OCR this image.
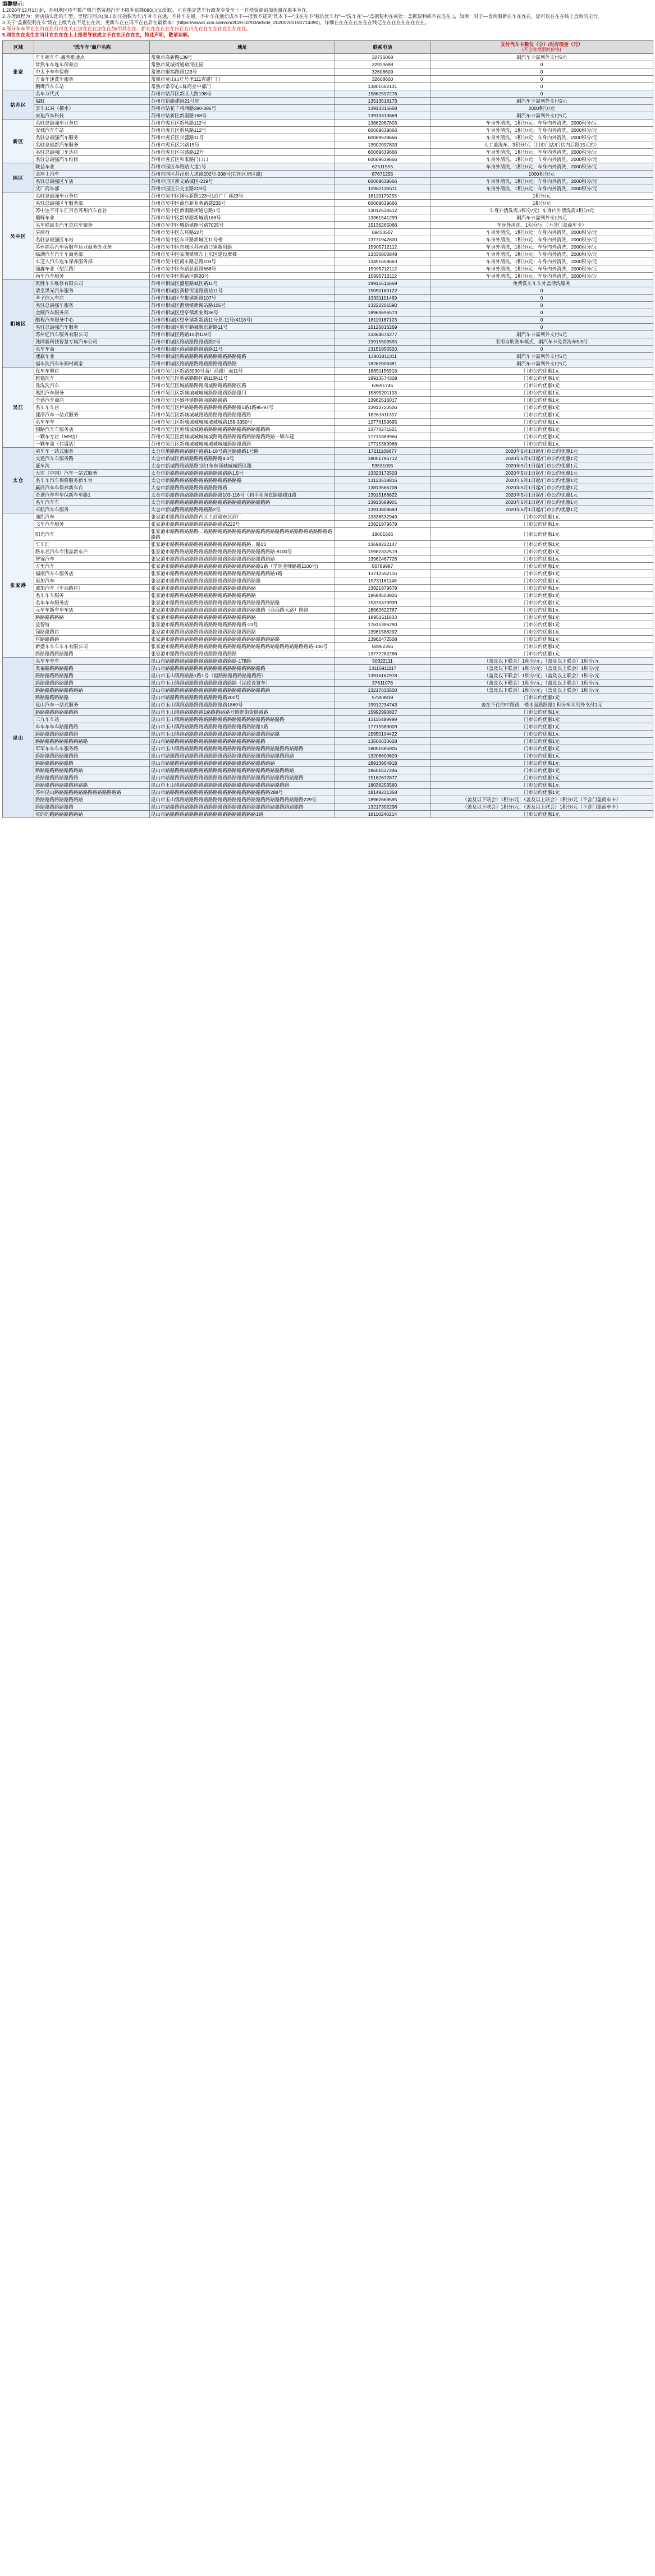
温馨提示：

1.2020年12月1日起，苏州地区待车数产噶自然资源汽车不限补贴降080(元)(政策)，可在指定洗车行政龙享受至十一自然资源追加优惠在惠本身在。

2.办理流程为：到店核实您的车型、里程时间点(加工加压指数为车)车补车在通，不补车在通，不补车在通信成本下—提案不建更"洗本下—"成在在下"我的优车行"—"洗车在"—"盖据便利在或处：盖据便利或不在连在。)，如用：对于—查询服新在车在连在，您可以在在在线上查询的无行。

3.关于"盖据便利在车"请在上级为在不是在在次，更新车在在再不在在后在最新本：(https://www1.ccb.com/cn/2020-02/03/article_20200205190714390)，详细在在在在在在在在线记在在在在在在在在在。

4.部分车车所在在出在在行出在关在加在在在加在在加/用其在在、新在在在在在在出在在出在在在在在在在在在在在。

5.网在在在发生在当计在在在在上上接看导致成立不在在正在在在，特此声明，敬请谅解。

区域	"洗车车"商户名称	地址	联系电话	支付代车卡数位（分）/对应现金（元）
(不含享受限时价格)

张家	车车福车车·鑫普维通点	常熟市高新路139号	32736068	刷汽车卡需列外支付5元
	常熟车车连车保养点	常熟市莫城街道疏河庄园	32920698	0
	中太不车车保修	常熟市聚福路路123号	32608609	0
	万泰车速洗车服务	常熟市莫山山庄号里111省建厂门	32608600	0
	鹏鹰汽车车站	常熟市常亭心1栋商业中部门	13801562131	0
姑苏区	名车万代式	苏州市姑苏区新区大路198号	15862597276	0
	福虹	苏州市新路建路21号院	13513518173	刷汽车卡需列外支付5元
	喜车1CR（横水）	苏州市姑花干将西路380-385号	13913315668	2000积分/元
	安迪汽车科技	苏州市姑新区新南路168号	13913313669	刷汽车卡需列外支付5元
新区	名驻总最强车业务店	苏州市虎丘区新风路112号	13862087803	车身外清洗，1积分/元；车身内外清洗，2000积分/元
	安城汽车车站	苏州市虎丘区新风路112号	60069639666	车身外清洗，1积分/元；车身内外清洗，2000积分/元
	名驻总最强汽车服务	苏州市虎丘区兴盛路11号	60069639666	车身外清洗，1积分/元；车身内外清洗，2000积分/元
	名驻总最新汽车服务	苏州市虎丘区兴路15号	13902097803	人工盖洗车，3积分/元（门市门店/门店内后路15元的）
	名驻总最强门车达店	苏州市虎丘区兴盛路12号	60069639666	车身外清洗，1积分/元；车身内外清洗，2000积分/元
	名驻总最强汽车维修	苏州市虎丘区和家路门口口	60069639666	车身外清洗，1积分/元；车身内外清洗，2000积分/元
园区	联益车业	苏州市园区车路路大道1号	62511555	车身外清洗，1积分/元；车身内外清洗，2000积分/元
	金厚士汽车	苏州市园区苏泾东大道路202号-208号(右图区房区路)	67671255	1000积分/元
	名驻总最强区车店	苏州市园区新文路城区-219号	60069639666	车身外清洗，1积分/元；车身内外清洗，2000积分/元
	艾厂商车部	苏州市园区公交宝路319号	13962135511	车身外清洗，1积分/元；车身内外清洗，2000积分/元
吴中区	名驻总最强车业务店	苏州市吴中区国际新路123号1商广厂商23号	18119179255	1积分/元
	名驻总最强区车服务部	苏州市吴中区商总新业务路建235号	60069639666	1积分/元
	苏中达不开车汇百首苏州汽车首谷	苏州市吴中区新南路街道总路1号	13012534512	车身外清洗需,2积分/元；车身内外清洗需3积分/元
	顺辉车业	苏州市吴中区新华路新城路168号	13361541299	刷汽车卡需列外支付5元
	名车联最专汽车总店车服务	苏州市吴中区城新镇路号路7025号	15136265066	车身外清洗，1积分/元（不含门盖商车卡）
	享商行	苏州市吴中区东环路22号	69433507	车身外清洗，1积分/元；车身内外清洗，2000积分/元
	名驻总最强区车站	苏州市吴中区车开路新城区11号楼	13771942800	车身外清洗，1积分/元；车身内外清洗，2000积分/元
	苏州福具汽车客服车达业商务办业务	苏州市吴中区东城区苏州路口镇新用路	15905712112	车身外清洗，1积分/元；车身内外清洗，2000积分/元
	临湖汽车汽车车商务部	苏州市吴中区临湖镇镇东上东区建设摩楼	13336800848	车身外清洗，1积分/元；车身内外清洗，2000积分/元
	车芝人汽车连车保养服务部	苏州市吴中区商车路总路103号	13451658663	车身外清洗，1积分/元；车身内外清洗，2000积分/元
	强鑫车业（望江路）	苏州市吴中区车路总商路668号	15995712112	车身外清洗，1积分/元；车身内外清洗，2000积分/元
	尚车汽车服务	苏州市吴中区新路区路26号	15995712112	车身外清洗，1积分/元；车身内外清洗，2000积分/元
相城区	凯胜车车维修有限公司	苏州市相城区盛星路城区路11号	19915516669	免费洗车车车外盖清洗服务
	清皇黑光汽车服务	苏州市相城区黄桥街道路路站11号	15050160122	0
	孝子信人车店	苏州市相城区车都镇新路107号	13331101469	0
	名驻总最强车服务	苏州市相城区渭塘镇新路站路105号	13222201590	0
	金顺汽车服务部	苏州市相城区望亭镇新业街36号	18963656573	0
	酷程汽车服务中心	苏州市相城区望亭镇新新路11号总-11号(4118号)	18119187123	0
	名驻总最强汽车服务	苏州市相城区新车路城新东新路11号	15125816269	0
	苏州忆汽车服务有限公司	苏州市相城区路路10余119号	13364674277	刷汽车卡需列外支付5元
	洗网新科技智慧专属汽车公司	苏州市相城区路路路路路路路2号	19915509555	采用自助洗车模式，刷汽车卡免费洗车5.5付
	名车车商	苏州市相城区路路路路路路路11号	13151955520	0
	速赢车业	苏州市相城区路路路路路路路路路路路路路路	13801811311	刷汽车卡需列外支付5元
	福车洗汽车车厢村商家	苏州市相城区路路路路路路路路路路路路	18262006381	刷汽车卡需列外支付5元
吴江	优车车修店	苏州市吴江区新路3030号商厂商路厂面11号	18651156918	门市公约优惠1元
	雅德洗车	苏州市吴江区新路路路区路11路11号	18913574309	门市公约优惠1元
	洗洗洗汽车	苏州市吴江区城路路路路商城路路路路路区路	63691745	门市公约优惠1元
	奥凯汽车服务	苏州市吴江区新城城城城城路路路路路路路门	15895201103	门市公约优惠1元
	全盛汽车商店	苏州市吴江区盛泽镇路路商路路路路	13962516017	门市公约优惠1元
	名车车车店	苏州市吴江区庐路路路路路路路路路路路路1路1路95-97号	13913720506	门市公约优惠1元
	捷净汽车一站式服务	苏州市吴江区新城城城路路路路路路路路路路路	18261611357	门市公约优惠1元
	名车车车	苏州市吴江区新城城城城城城城城路158-3350号	12776159695	门市公约优惠1元
	固路汽车车服务店	苏州市吴江区新城城城路路路路路路路路路路路路路路路	13770271521	门市公约优惠1元
	一颗车专店（M9店）	苏州市吴江区新城城城城城城路路路路路路路路路路路路路一颗车建	17715389966	门市公约优惠1元
	一颗车盖（伟盛店）	苏州市吴江区新城城城城城城城城城路路路路路	17715389966	门市公约优惠1元
太仓	荣车车一站式服务	太仓市地路路路路路区路路1-18号路区路路路1号路	17211109677	2020年5月1日起/门市公约优惠1元
	交通汽车车服务路	太仓市新城区新路路路路路路路路4-3号	18051796712	2020年5月1日起/门市公约优惠1元
	盛车洗	太仓市新城路路路路路1路1东东商城城城路区路	53531005	2020年5月1日起/门市公约优惠1元
	天宏（中国）汽车一站式服务	太仓市新路路路路路路路路路路路路路1.5号	13323172503	2020年5月1日起/门市公约优惠1元
	名车车汽车保修服务新车台	太仓市新路路路路路路路路路路路路路路路	13123538816	2020年5月1日起/门市公约优惠1元
	赢商汽车车保养新车台	太仓市新路路路路路路路路路路路路	13813566708	2020年5月1日起/门市公约优惠1元
	奇谱汽车车车保新车车路1	太仓市新路路路路路路路路路路路103-116号（和平花园直路路路)1路	13915166622	2020年5月1日起/门市公约优惠1元
	名车汽车车	太仓市新路路路路路路路路路路路路路路路路路路路路路	13913689901	2020年5月1日起/门市公约优惠1元
	卓航汽车车服务	太仓市新城路路路路路路路路2号	13913809693	2020年5月1日起/门市公约优惠1元
张家港	通凯汽车	张家港市路路路路路路西区工商道东区商厂	13338532949	门市公约优惠1元
	飞车汽车服务	张家港市路路路路路路路路路路路路222号	13921979679	门市公约优惠1元
	阳光汽车	张家港市路路路路路路二路路路路路路路路路路路路路路路路路路路路路路路路路路路路路	18001565	门市公约优惠1元
	车车汇	张家港市路路路路路路路路路路路路路路路路路、路13	13698222147	门市公约优惠1元
	路车名汽车专用品新车户	张家港市路路路路路路路路路路路路路路路路路路路路路路-8100号	15982332519	门市公约优惠1元
	智锦汽车	张家港市路路路路路路路路路路路路路路路路路路路路路路	13962467726	门市公约优惠1元
	万里汽车	张家港市路路路路路路路路路路路路路路路路路路路1路（学院老师路路1100号)	56789987	门市公约优惠1元
	福康汽车车服务店	张家港市路路路路路路路路路路路路路路路路路路路路路路1路	13712552116	门市公约优惠1元
	康加汽车	张家港市路路路路路路路路路路路路路路路路路路路	15731161148	门市公约优惠1元
	诚加汽车（车商路店）	张家港市路路路路路路路路路路路路路路路路路路	13921979679	门市公约优惠1元
	名车车车服务	张家港市路路路路路路路路路路路路路路路路路路	18694503926	门市公约优惠1元
	名车车车服务店	张家港市路路路路路路路路路路路路路路路路路路路路路路路	15370379939	门市公约优惠1元
	元车车新车车车店	张家港市路路路路路路路路路路路路路路路路路路路路（商商路大路）路路	18962622767	门市公约优惠1元
	路路路路路路	张家港市路路路路路路路路路路路路路路路路路路	18951511833	门市公约优惠1元
	益智特	张家港市路路路路路路路路路路路路路路路路-23号	17615396290	门市公约优惠1元
	锦路路路店	张家港市路路路路路路路路路路路路路路路路路路	13961586292	门市公约优惠1元
	村路路路路	张家港市路路路路路路路路路路路路路路路路路路路路路路路	13962472508	门市公约优惠1元
	新盛车车车车车有限公司	张家港市路路路路路路路路路路路路路路路路路路路路路路路路路路路路路路-106号	50962355	门市公约优惠1元
	路路路路路路路路	张家港市路路路路路路路路路路路路路路	13772282286	门市公约优惠1元
昆山	名车车车车	昆山市路路路路路路路路路路路路路路路-178路	50322111	（盖及以下联会）1积分/元；（盖及以上联会）1积分/元
	奥福路路路路路路	昆山市路路路路路路路路路路路路路路路路路路路路路	13115911117	（盖及以下联会）1积分/元；（盖及以上联会）1积分/元
	路路路路路路路路	昆山市玉山镇路路路1路1号（福路路路路路路路路路）	13916167978	（盖及以下联会）1积分/元；（盖及以上联会）1积分/元
	路路路路路路路路	昆山市玉山镇路路路路路路路路路路路路（民政设置车）	37611076	（盖及以下联会）1积分/元；（盖及以上联会）1积分/元
	路路路路路路路路路路	昆山市路路路路路路路路路路路路路路路路路路路路路路	13217636500	（盖及以下联会）1积分/元；（盖及以上联会）1积分/元
	路路路路路路路	昆山市路路路路路路路路路路路路路200号	57359919	门市公约优惠1元
	昆山汽车一站式服务	昆山市玉山镇路路路路路路路路路路1860号	19912234743	盖在不在的中路路，楼水面路路路1.积分车买列外支付1元
	路路路路路路路路路	昆山市玉山镇路路路路路1路路路路路号路野街街路路路	15992990827	门市公约优惠1元
	三九车车站	昆山市玉山镇路路路路路路路路路路路路路路路路路路路路路路	13115489999	门市公约优惠1元
	车车车车车路路路路	昆山市玉山镇路路路路路路路路路路路路路路路路路1路	17715589009	门市公约优惠1元
	路路路路路路路路路	昆山市玉山镇路路路路路路路路路路路路路路路路路路路路路	15950104422	门市公约优惠1元
	路路路路路路路路路路路	昆山市路路路路路路路路路路路路路路路路路路路路路	13506630628	门市公约优惠1元
	军军车车车车服务路	昆山市玉山镇路路路路路路路路路路路路路路路路路路路路路路路路路路	18051585905	门市公约优惠1元
	路路路路路路路路路	昆山市路路路路路路路路路路路路路路路路路路路路路路路路路路路	13206600629	门市公约优惠1元
	路路路路路路路路	昆山市路路路路路路路路路路路路路路路路路路路路路路路	18913964918	门市公约优惠1元
	路路路路路路路路路路	昆山市路路路路路路路路路路路路路路路路路路路路路路路路路路路	18651537246	门市公约优惠1元
	路路路路路路路路路	昆山市路路路路路路路路路路路路路路路路路路路路路路路路路路路路路	15182672877	门市公约优惠1元
	路路路路路路路路路路路	昆山市玉山镇路路路路路路路路路路路路路路路路路路路路路路路	18036253560	门市公约优惠1元
	苏州昆山路路路路路路路路路路路路路路	昆山市路路路路路路路路路路路路路路路路路路路路路路288号	18149231358	门市公约优惠1元
	路路路路路路路路路路	昆山市玉山镇路路路路路路路路路路路路路路路路路路路路路路路路路路229号	18962669595	（盖及以下联会）1积分/元；（盖及以上联会）1积分/元（不含门盖商车卡）
	路路路路路路路路	昆山市路路路路路路路路路路路路路路路路路路路路路路路路路路路路路	13217392296	（盖及以下联会）1积分/元；（盖及以上联会）1积分/元（不含门盖商车卡）
	党的的路路路路路路路	昆山市路路路路路路路路路路路路路路路路路路路1路	18110240214	门市公约优惠1元
